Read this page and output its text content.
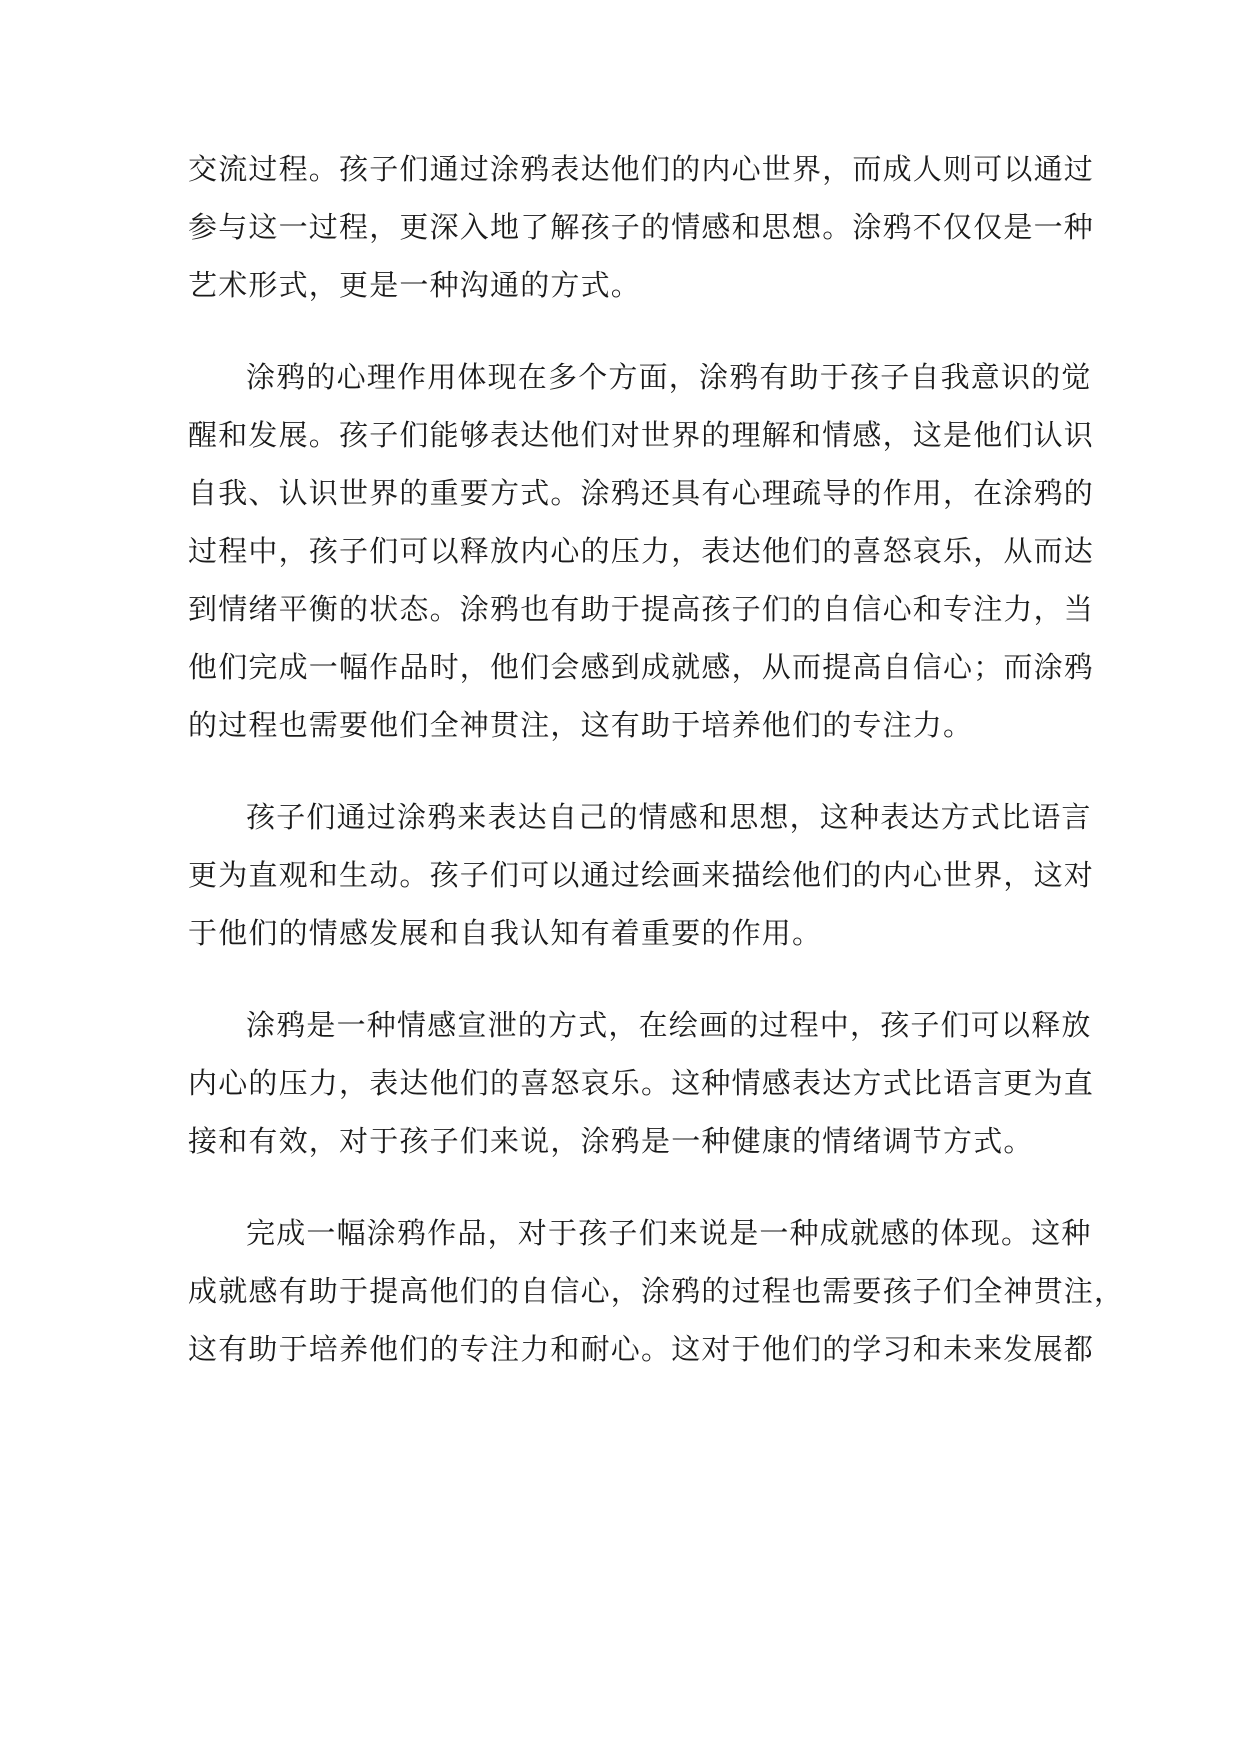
交流过程。孩子们通过涂鸦表达他们的内心世界，而成人则可以通过
参与这一过程，更深入地了解孩子的情感和思想。涂鸦不仅仅是一种
艺术形式，更是一种沟通的方式。
涂鸦的心理作用体现在多个方面，涂鸦有助于孩子自我意识的觉
醒和发展。孩子们能够表达他们对世界的理解和情感，这是他们认识
自我、认识世界的重要方式。涂鸦还具有心理疏导的作用，在涂鸦的
过程中，孩子们可以释放内心的压力，表达他们的喜怒哀乐，从而达
到情绪平衡的状态。涂鸦也有助于提高孩子们的自信心和专注力，当
他们完成一幅作品时，他们会感到成就感，从而提高自信心；而涂鸦
的过程也需要他们全神贯注，这有助于培养他们的专注力。
孩子们通过涂鸦来表达自己的情感和思想，这种表达方式比语言
更为直观和生动。孩子们可以通过绘画来描绘他们的内心世界，这对
于他们的情感发展和自我认知有着重要的作用。
涂鸦是一种情感宣泄的方式，在绘画的过程中，孩子们可以释放
内心的压力，表达他们的喜怒哀乐。这种情感表达方式比语言更为直
接和有效，对于孩子们来说，涂鸦是一种健康的情绪调节方式。
完成一幅涂鸦作品，对于孩子们来说是一种成就感的体现。这种
成就感有助于提高他们的自信心，涂鸦的过程也需要孩子们全神贯注，
这有助于培养他们的专注力和耐心。这对于他们的学习和未来发展都
